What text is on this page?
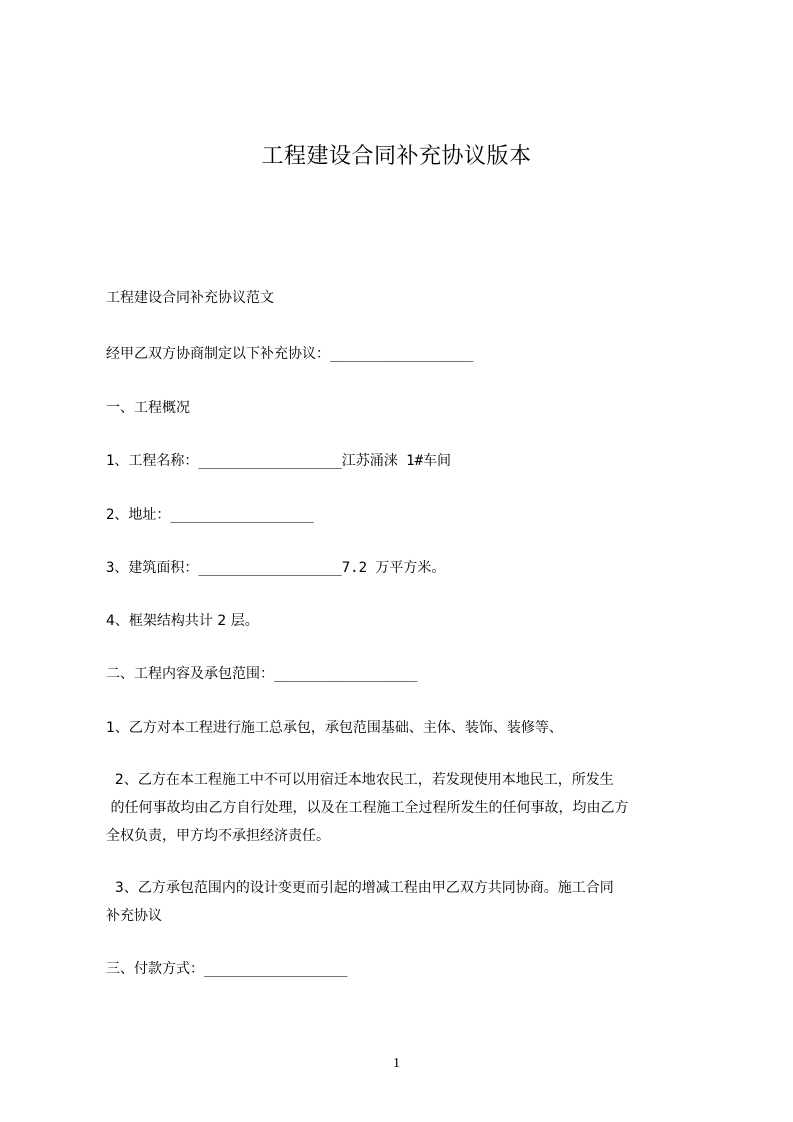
工程建设合同补充协议版本
工程建设合同补充协议范文
经甲乙双方协商制定以下补充协议：_________________
一、工程概况
1、工程名称：_________________江苏涌涞 1#车间
2、地址：_________________
3、建筑面积：_________________7.2 万平方米。
4、框架结构共计 2 层。
二、工程内容及承包范围：_________________
1、乙方对本工程进行施工总承包，承包范围基础、主体、装饰、装修等、
2、乙方在本工程施工中不可以用宿迁本地农民工，若发现使用本地民工，所发生
的任何事故均由乙方自行处理，以及在工程施工全过程所发生的任何事故，均由乙方
全权负责，甲方均不承担经济责任。
3、乙方承包范围内的设计变更而引起的增减工程由甲乙双方共同协商。施工合同
补充协议
三、付款方式：_________________
1
